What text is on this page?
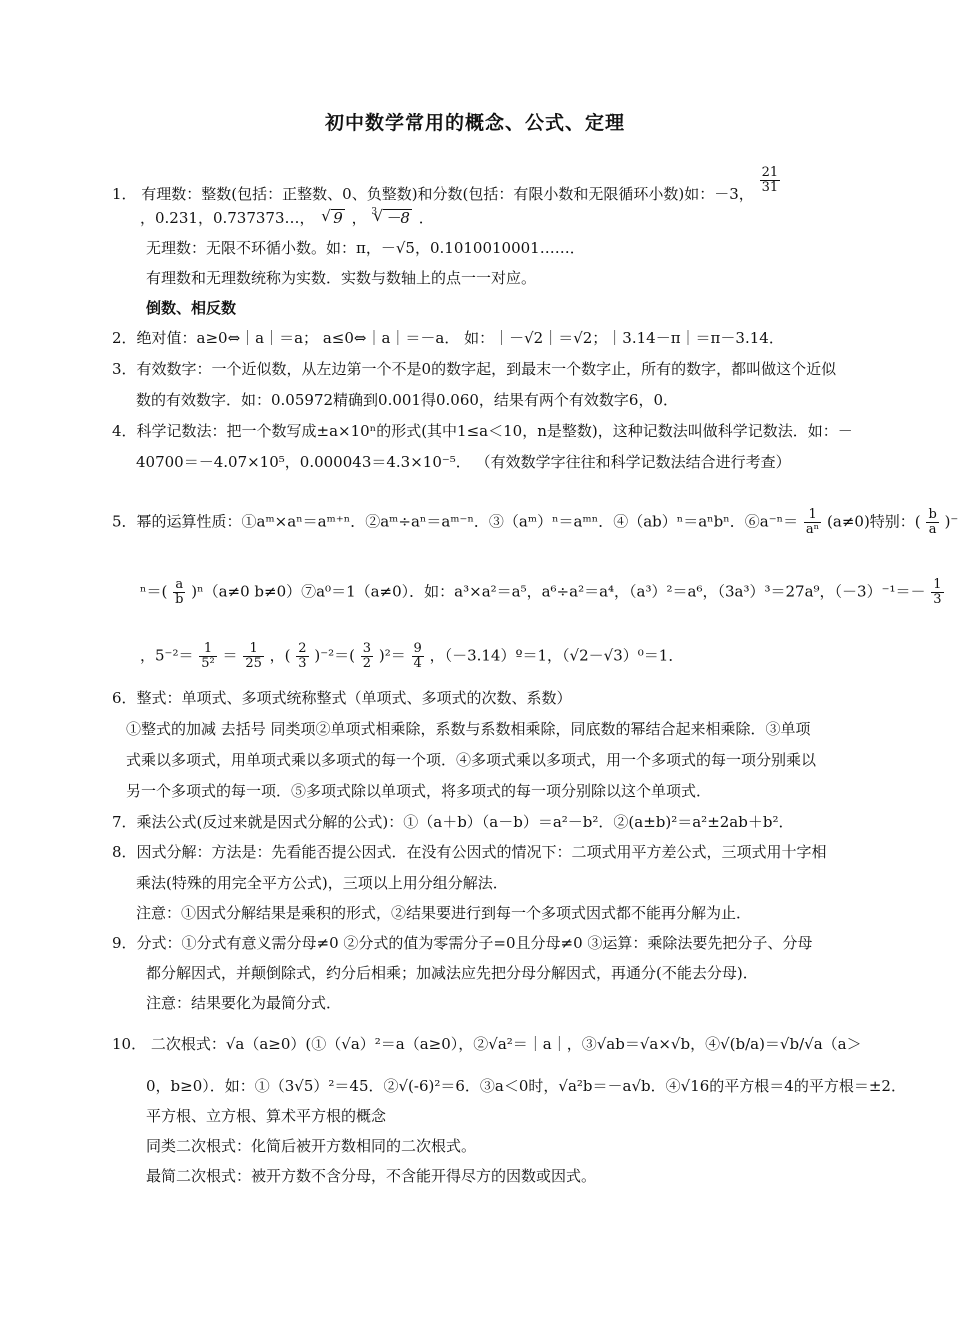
初中数学常用的概念、公式、定理
1． 有理数：整数(包括：正整数、0、负整数)和分数(包括：有限小数和无限循环小数)如：－3， $\frac{21}{31}$
，0.231，0.737373…， √ 9 ， √ 3 －8 ．
无理数：无限不环循小数。如：π，－√5，0.1010010001……．
有理数和无理数统称为实数．实数与数轴上的点一一对应。
倒数、相反数
2．绝对值：a≥0⇔｜a｜＝a； a≤0⇔｜a｜＝－a． 如：｜－√2｜＝√2；｜3.14－π｜＝π－3.14．
3．有效数字：一个近似数，从左边第一个不是0的数字起，到最末一个数字止，所有的数字，都叫做这个近似
数的有效数字．如：0.05972精确到0.001得0.060，结果有两个有效数字6，0．
4．科学记数法：把一个数写成±a×10ⁿ的形式(其中1≤a＜10，n是整数)，这种记数法叫做科学记数法．如：－
40700＝－4.07×10⁵，0.000043＝4.3×10⁻⁵． （有效数学字往往和科学记数法结合进行考查）
5．幂的运算性质：①aᵐ×aⁿ＝aᵐ⁺ⁿ．②aᵐ÷aⁿ＝aᵐ⁻ⁿ．③（aᵐ）ⁿ＝aᵐⁿ．④（ab）ⁿ＝aⁿbⁿ．⑥a⁻ⁿ＝ $\frac{1}{\text{aⁿ}} (a\ne 0)$特别：( $\frac{b}{a}$ )⁻
$^n=( \frac{a}{b} )^n(a\ne 0$ b≠0）⑦a⁰＝1（a≠0）．如：a³×a²＝a⁵，a⁶÷a²＝a⁴，（a³）²＝a⁶，（3a³）³＝27a⁹，$(-3)^{-1}=- \frac{1}{3}$
，$5^{-2}= \frac{1}{\text{5²}} = \frac{1}{25}$ ，( $\frac{2}{3} )^{-2}=( \frac{3}{2} )^2= \frac{9}{4}$ ，（－3.14）º＝1，（√2－√3）⁰＝1．
6．整式：单项式、多项式统称整式（单项式、多项式的次数、系数）
①整式的加减 去括号 同类项②单项式相乘除，系数与系数相乘除，同底数的幂结合起来相乘除．③单项
式乘以多项式，用单项式乘以多项式的每一个项．④多项式乘以多项式，用一个多项式的每一项分别乘以
另一个多项式的每一项．⑤多项式除以单项式，将多项式的每一项分别除以这个单项式．
7．乘法公式(反过来就是因式分解的公式)：①（a＋b）（a－b）＝a²－b²．②(a±b)²＝a²±2ab＋b²．
8．因式分解：方法是：先看能否提公因式．在没有公因式的情况下：二项式用平方差公式，三项式用十字相
乘法(特殊的用完全平方公式)，三项以上用分组分解法．
注意：①因式分解结果是乘积的形式，②结果要进行到每一个多项式因式都不能再分解为止．
9．分式：①分式有意义需分母≠0 ②分式的值为零需分子=0且分母≠0 ③运算：乘除法要先把分子、分母
都分解因式，并颠倒除式，约分后相乘；加减法应先把分母分解因式，再通分(不能去分母)．
注意：结果要化为最简分式．
10． 二次根式：√a（a≥0）(①（√a）²＝a（a≥0），②√a²＝｜a｜，③√ab＝√a×√b，④√(b/a)＝√b/√a（a＞
0，b≥0）．如：①（3√5）²＝45．②√(-6)²＝6．③a＜0时，√a²b＝－a√b．④√16的平方根＝4的平方根＝±2．
平方根、立方根、算术平方根的概念
同类二次根式：化简后被开方数相同的二次根式。
最简二次根式：被开方数不含分母，不含能开得尽方的因数或因式。
